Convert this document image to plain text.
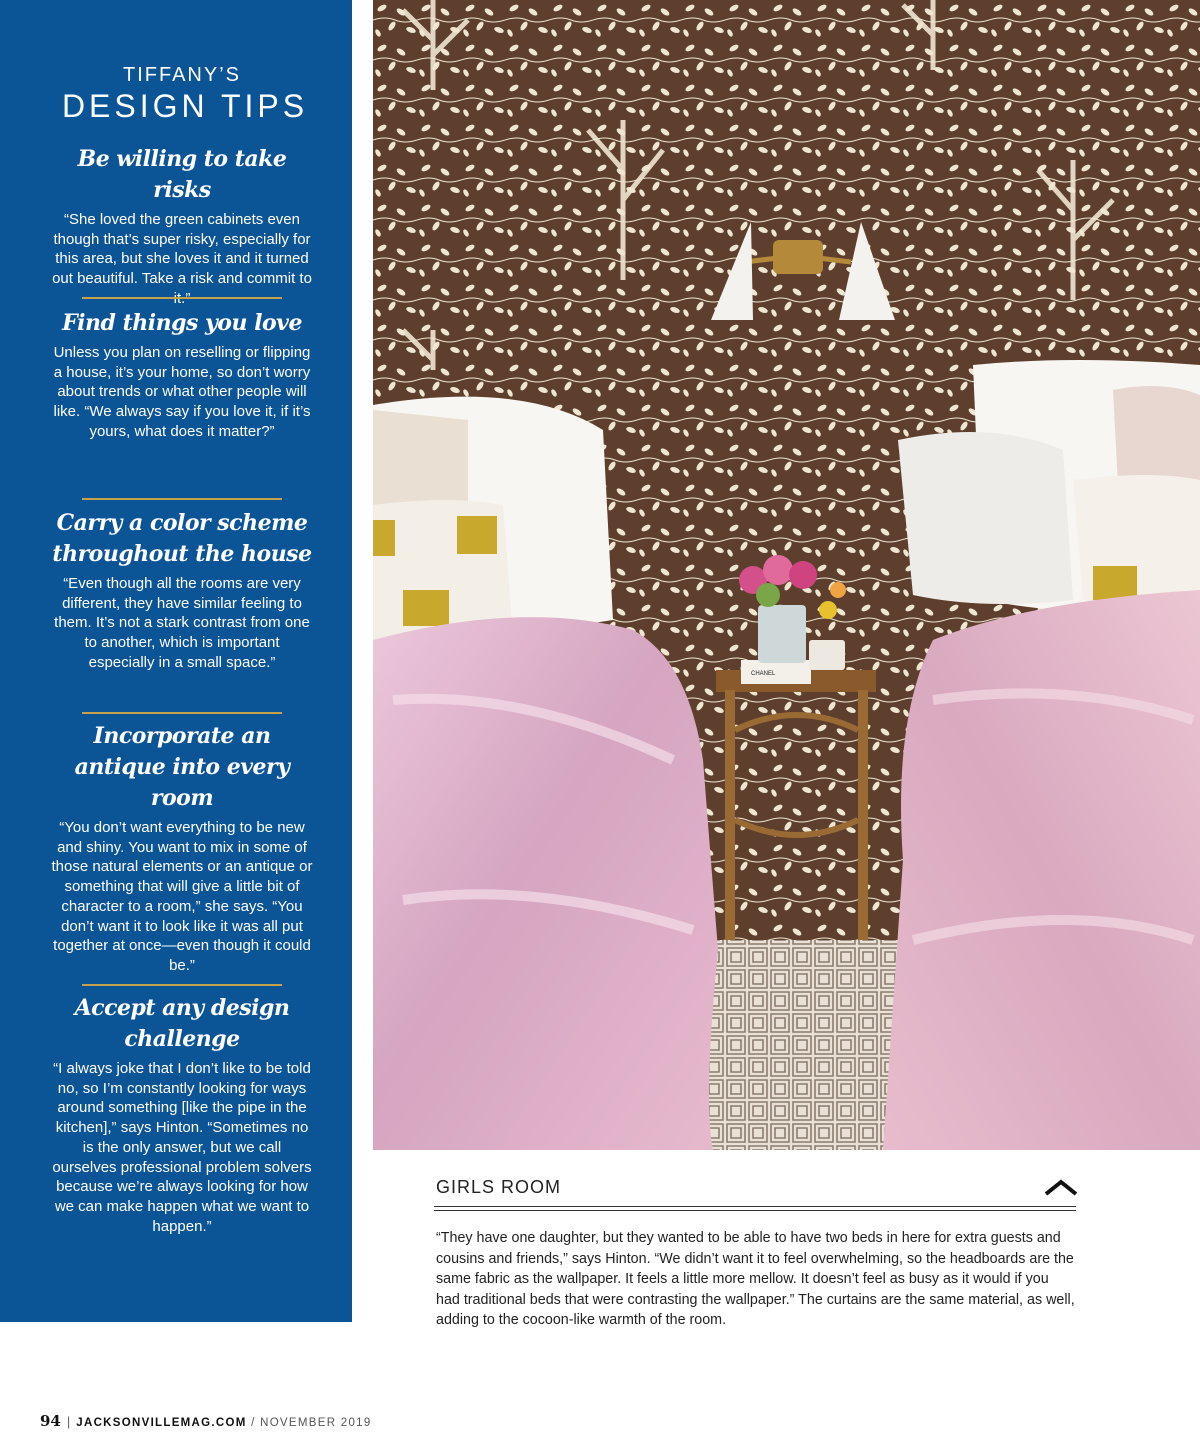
TIFFANY’S
DESIGN TIPS

Be willing to take risks

“She loved the green cabinets even though that’s super risky, especially for this area, but she loves it and it turned out beautiful. Take a risk and commit to

Find things you love

Unless you plan on reselling or flipping a house, it’s your home, so don’t worry about trends or what other people will like. “We always say if you love it, if it’s yours, what does it matter?”

Carry a color scheme throughout the house

“Even though all the rooms are very different, they have similar feeling to them. It’s not a stark contrast from one to another, which is important especially in a small space.”

Incorporate an antique into every room

“You don’t want everything to be new and shiny. You want to mix in some of those natural elements or an antique or something that will give a little bit of character to a room,” she says. “You don’t want it to look like it was all put together at once—even though it could be.”

Accept any design challenge

“I always joke that I don’t like to be told no, so I’m constantly looking for ways around something [like the pipe in the kitchen],” says Hinton. “Sometimes no is the only answer, but we call ourselves professional problem solvers because we’re always looking for how we can make happen what we want to happen.”

CHANEL
GIRLS ROOM

“They have one daughter, but they wanted to be able to have two beds in here for extra guests and cousins and friends,” says Hinton. “We didn’t want it to feel overwhelming, so the headboards are the same fabric as the wallpaper. It feels a little more mellow. It doesn’t feel as busy as it would if you had traditional beds that were contrasting the wallpaper.” The curtains are the same material, as well, adding to the cocoon-like warmth of the room.

94 | JACKSONVILLEMAG.COM / NOVEMBER 2019
